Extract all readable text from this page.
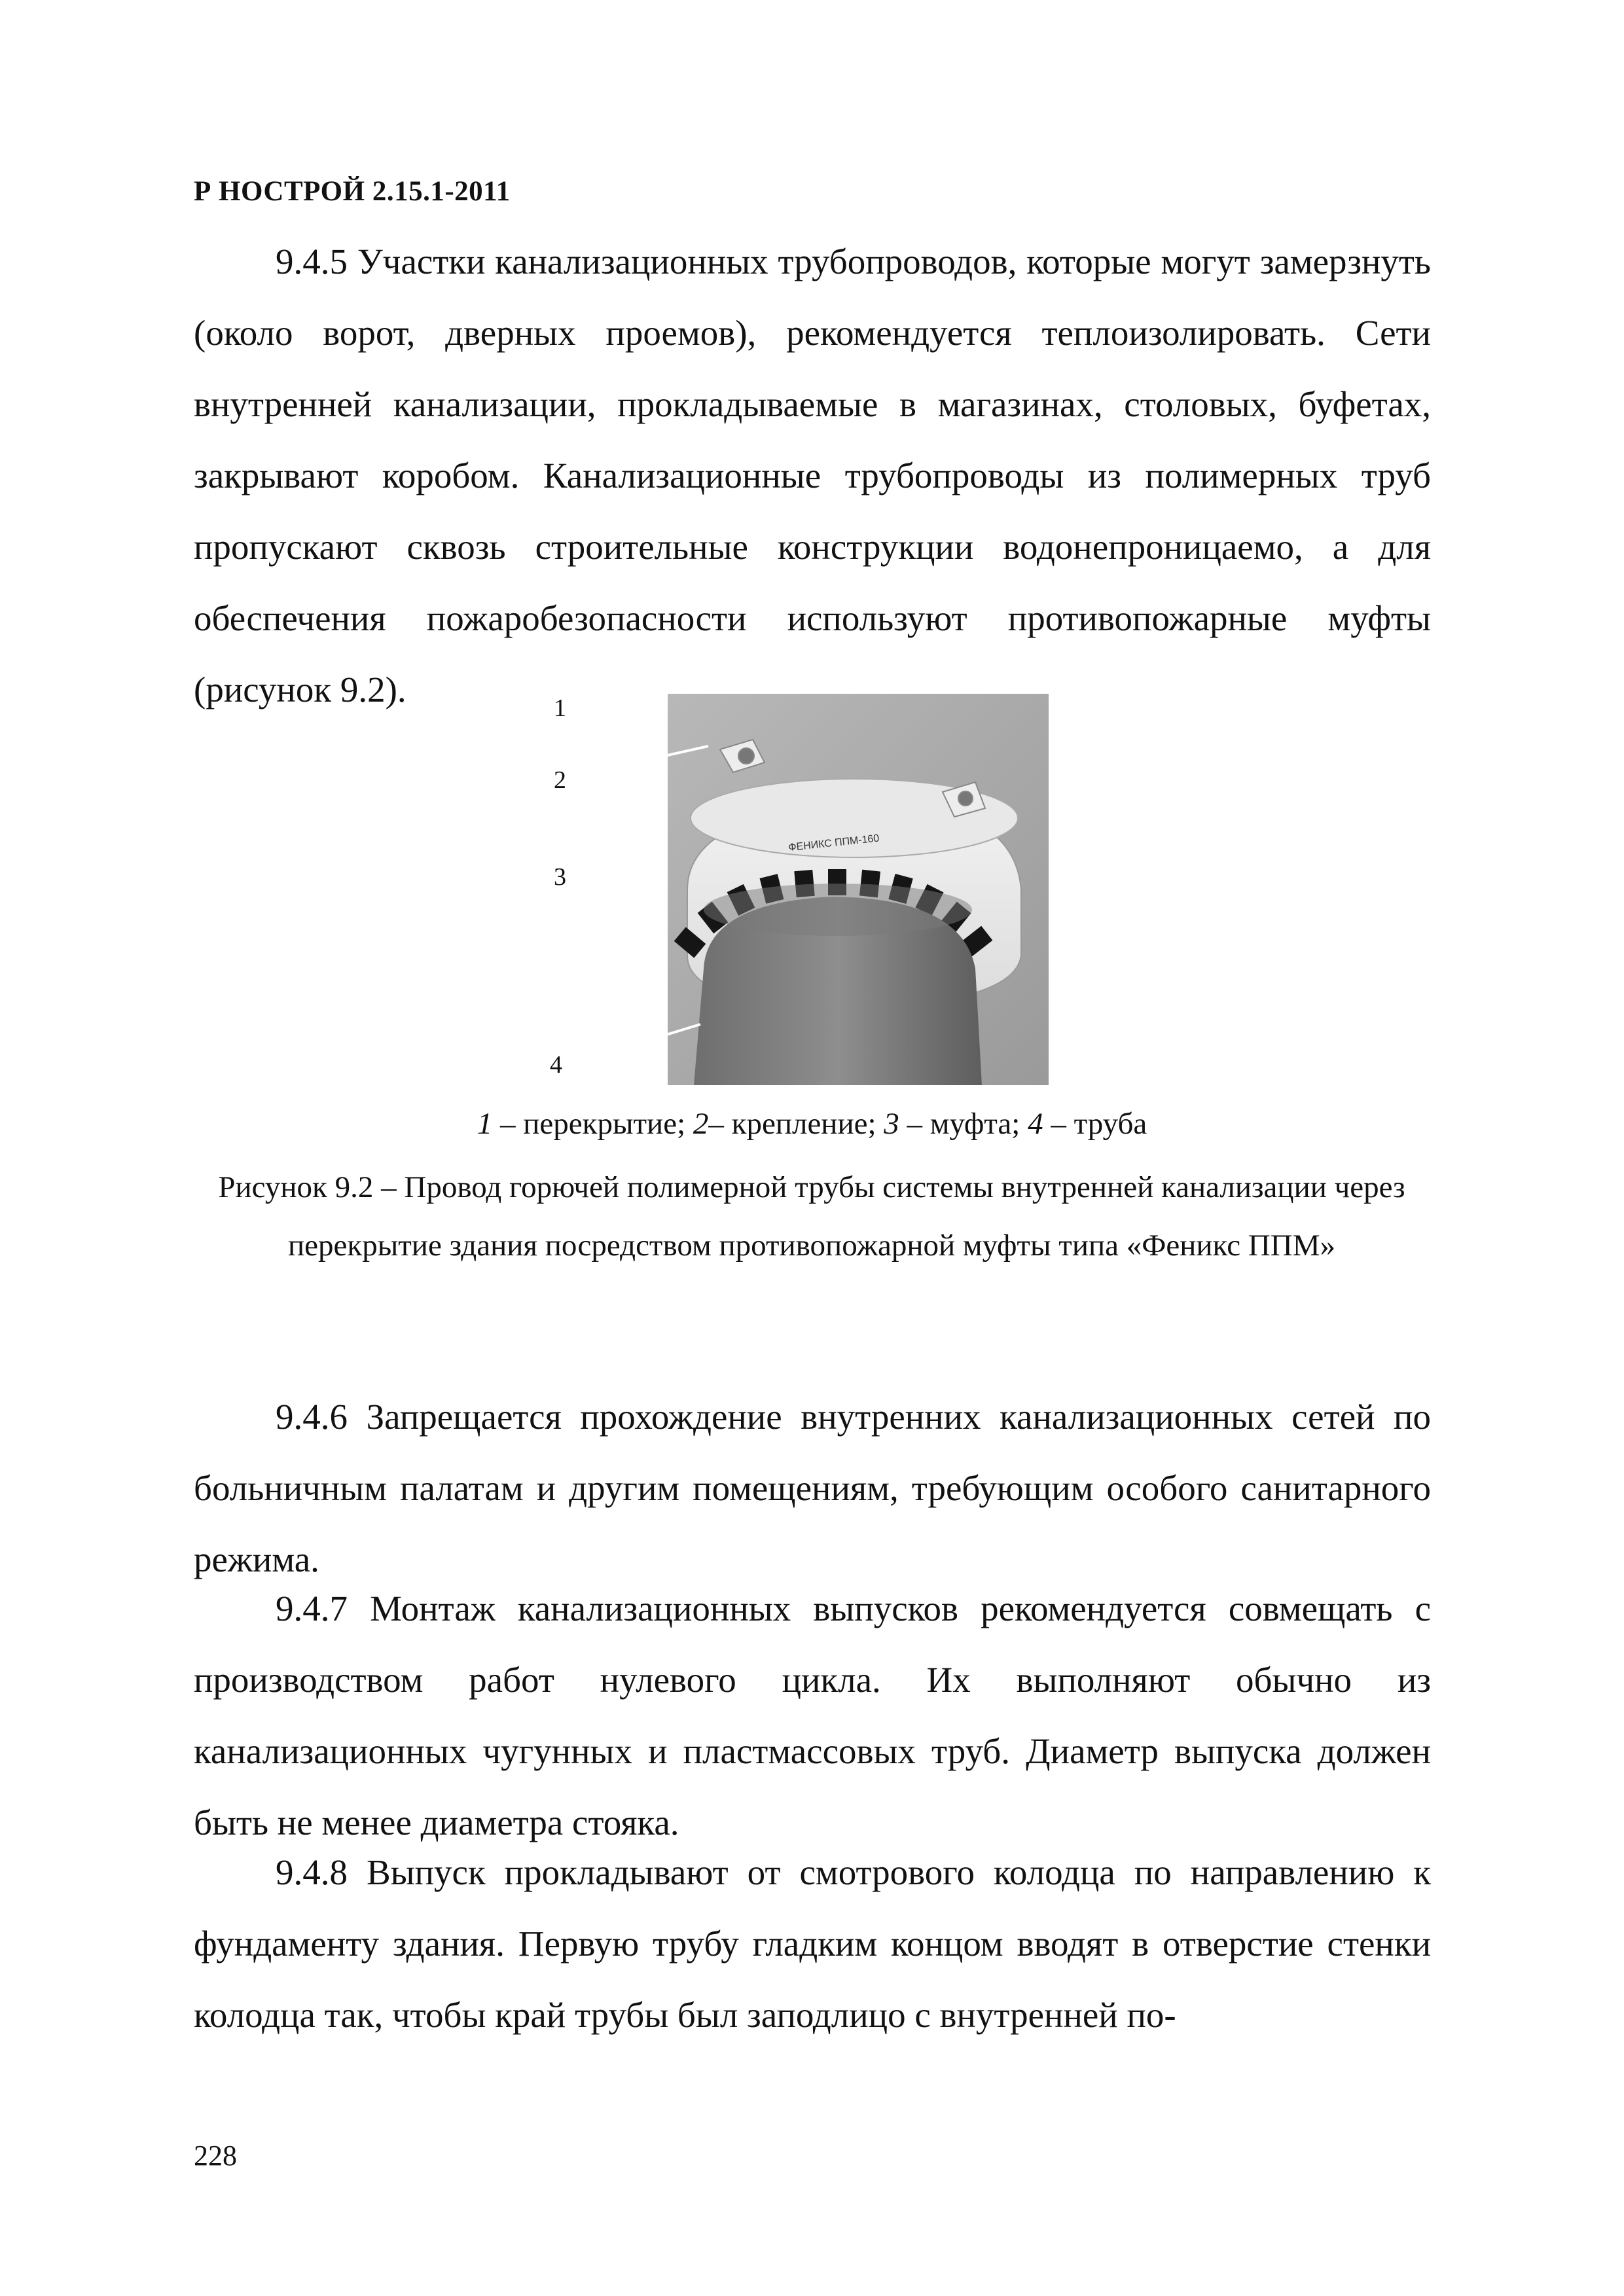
Р НОСТРОЙ 2.15.1-2011

9.4.5 Участки канализационных трубопроводов, которые могут замерзнуть (около ворот, дверных проемов), рекомендуется теплоизолировать. Сети внутренней канализации, прокладываемые в магазинах, столовых, буфетах, закрывают коробом. Канализационные трубопроводы из полимерных труб пропускают сквозь строительные конструкции водонепроницаемо, а для обеспечения пожаробезопасности используют противопожарные муфты (рисунок 9.2).

ФЕНИКС ППМ-160
1
2
3
4
1 – перекрытие; 2– крепление; 3 – муфта; 4 – труба
Рисунок 9.2 – Провод горючей полимерной трубы системы внутренней канализации через перекрытие здания посредством противопожарной муфты типа «Феникс ППМ»

9.4.6 Запрещается прохождение внутренних канализационных сетей по больничным палатам и другим помещениям, требующим особого санитарного режима.

9.4.7 Монтаж канализационных выпусков рекомендуется совмещать с производством работ нулевого цикла. Их выполняют обычно из канализационных чугунных и пластмассовых труб. Диаметр выпуска должен быть не менее диаметра стояка.

9.4.8 Выпуск прокладывают от смотрового колодца по направлению к фундаменту здания. Первую трубу гладким концом вводят в отверстие стенки колодца так, чтобы край трубы был заподлицо с внутренней по-

228
